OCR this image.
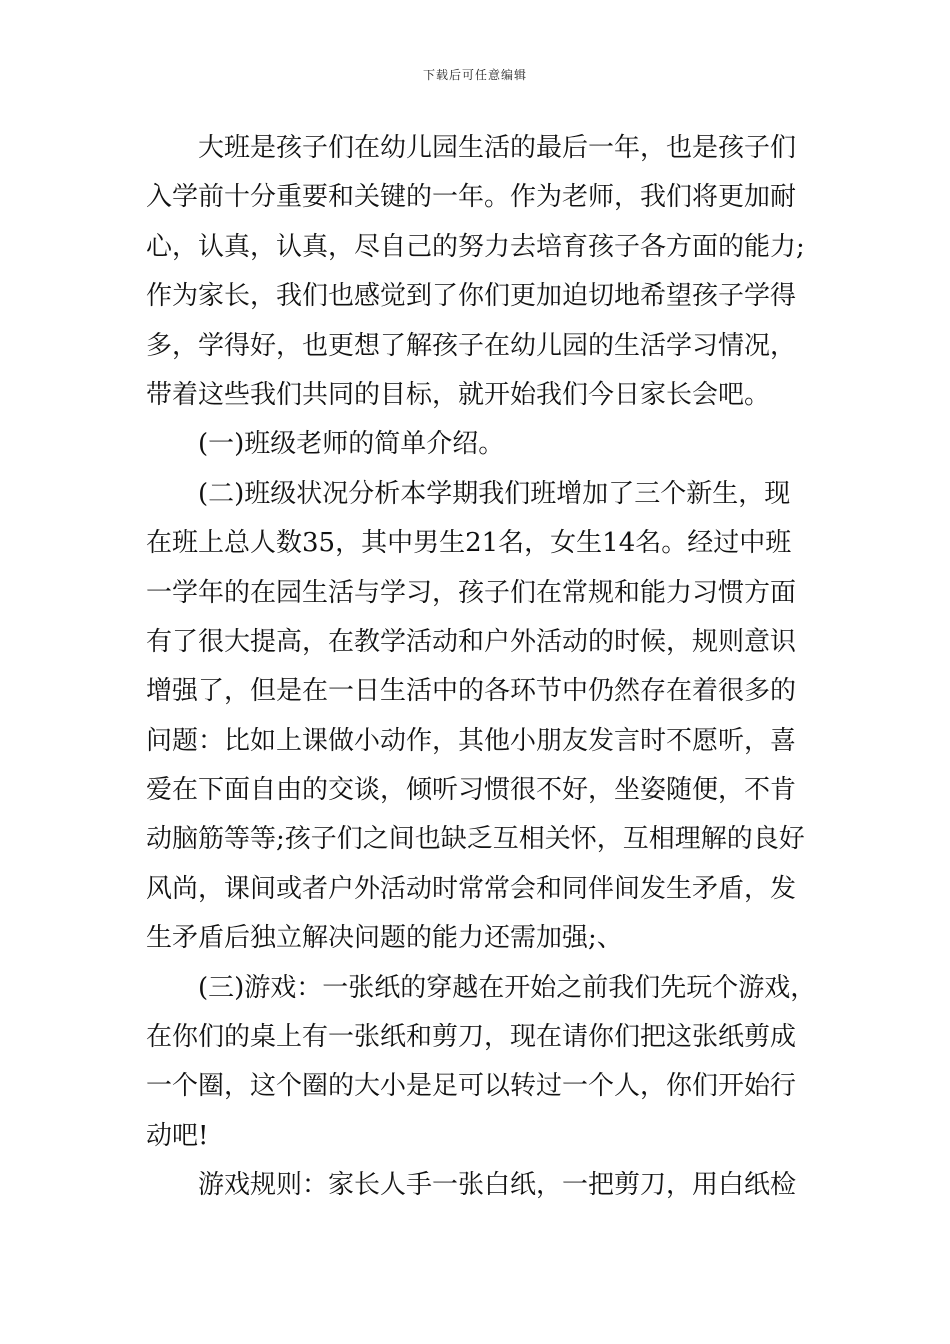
下载后可任意编辑
　　大班是孩子们在幼儿园生活的最后一年，也是孩子们
入学前十分重要和关键的一年。作为老师，我们将更加耐
心，认真，认真，尽自己的努力去培育孩子各方面的能力;
作为家长，我们也感觉到了你们更加迫切地希望孩子学得
多，学得好，也更想了解孩子在幼儿园的生活学习情况，
带着这些我们共同的目标，就开始我们今日家长会吧。
　　(一)班级老师的简单介绍。
　　(二)班级状况分析本学期我们班增加了三个新生，现
在班上总人数35，其中男生21名，女生14名。经过中班
一学年的在园生活与学习，孩子们在常规和能力习惯方面
有了很大提高，在教学活动和户外活动的时候，规则意识
增强了，但是在一日生活中的各环节中仍然存在着很多的
问题：比如上课做小动作，其他小朋友发言时不愿听，喜
爱在下面自由的交谈，倾听习惯很不好，坐姿随便，不肯
动脑筋等等;孩子们之间也缺乏互相关怀，互相理解的良好
风尚，课间或者户外活动时常常会和同伴间发生矛盾，发
生矛盾后独立解决问题的能力还需加强;、
　　(三)游戏：一张纸的穿越在开始之前我们先玩个游戏，
在你们的桌上有一张纸和剪刀，现在请你们把这张纸剪成
一个圈，这个圈的大小是足可以转过一个人，你们开始行
动吧!
　　游戏规则：家长人手一张白纸，一把剪刀，用白纸检
